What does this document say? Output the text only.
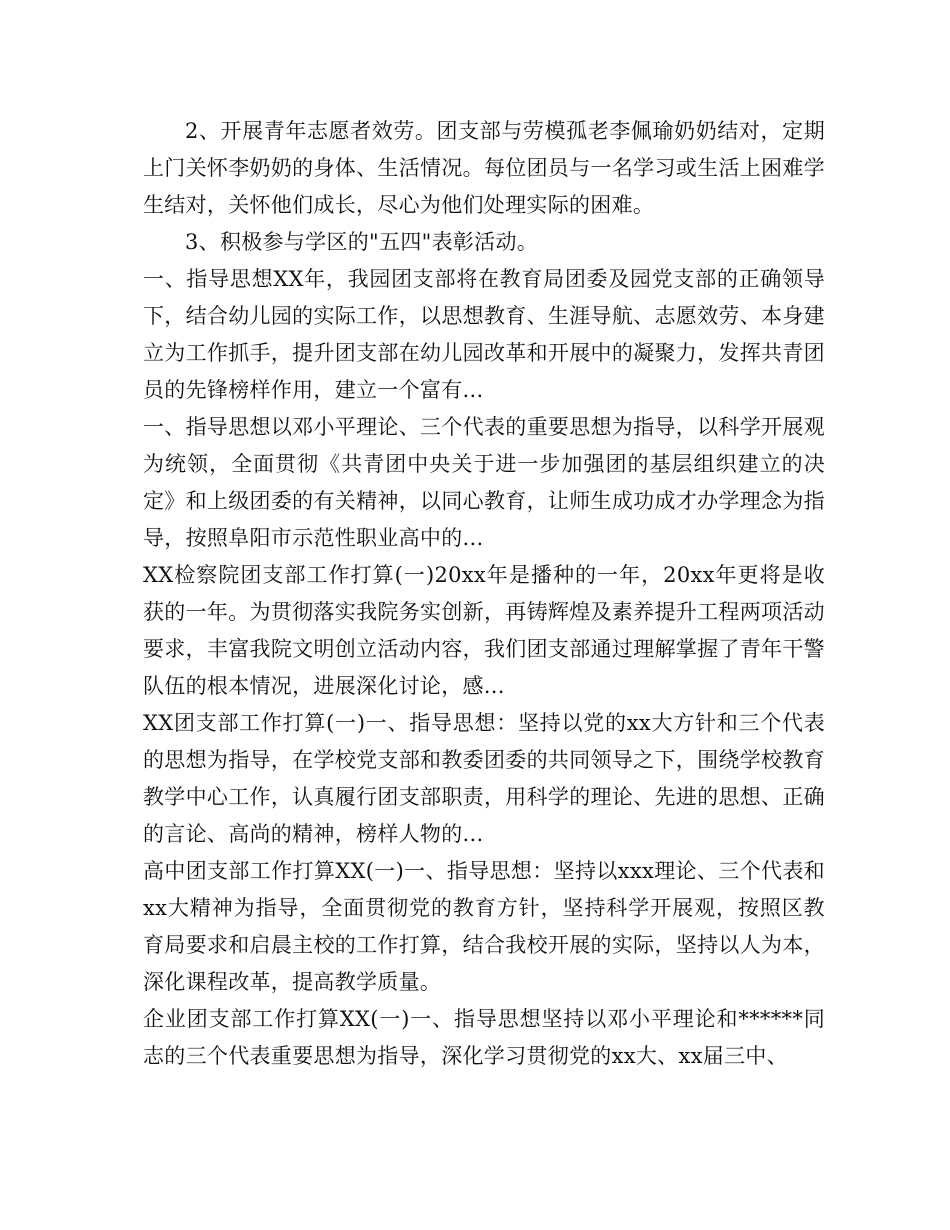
2、开展青年志愿者效劳。团支部与劳模孤老李佩瑜奶奶结对，定期上门关怀李奶奶的身体、生活情况。每位团员与一名学习或生活上困难学生结对，关怀他们成长，尽心为他们处理实际的困难。

3、积极参与学区的"五四"表彰活动。

一、指导思想XX年，我园团支部将在教育局团委及园党支部的正确领导下，结合幼儿园的实际工作，以思想教育、生涯导航、志愿效劳、本身建立为工作抓手，提升团支部在幼儿园改革和开展中的凝聚力，发挥共青团员的先锋榜样作用，建立一个富有...

一、指导思想以邓小平理论、三个代表的重要思想为指导，以科学开展观为统领，全面贯彻《共青团中央关于进一步加强团的基层组织建立的决定》和上级团委的有关精神，以同心教育，让师生成功成才办学理念为指导，按照阜阳市示范性职业高中的...

XX检察院团支部工作打算(一)20xx年是播种的一年，20xx年更将是收获的一年。为贯彻落实我院务实创新，再铸辉煌及素养提升工程两项活动要求，丰富我院文明创立活动内容，我们团支部通过理解掌握了青年干警队伍的根本情况，进展深化讨论，感...

XX团支部工作打算(一)一、指导思想：坚持以党的xx大方针和三个代表的思想为指导，在学校党支部和教委团委的共同领导之下，围绕学校教育教学中心工作，认真履行团支部职责，用科学的理论、先进的思想、正确的言论、高尚的精神，榜样人物的...

高中团支部工作打算XX(一)一、指导思想：坚持以xxx理论、三个代表和xx大精神为指导，全面贯彻党的教育方针，坚持科学开展观，按照区教育局要求和启晨主校的工作打算，结合我校开展的实际，坚持以人为本，深化课程改革，提高教学质量。

企业团支部工作打算XX(一)一、指导思想坚持以邓小平理论和******同志的三个代表重要思想为指导，深化学习贯彻党的xx大、xx届三中、
